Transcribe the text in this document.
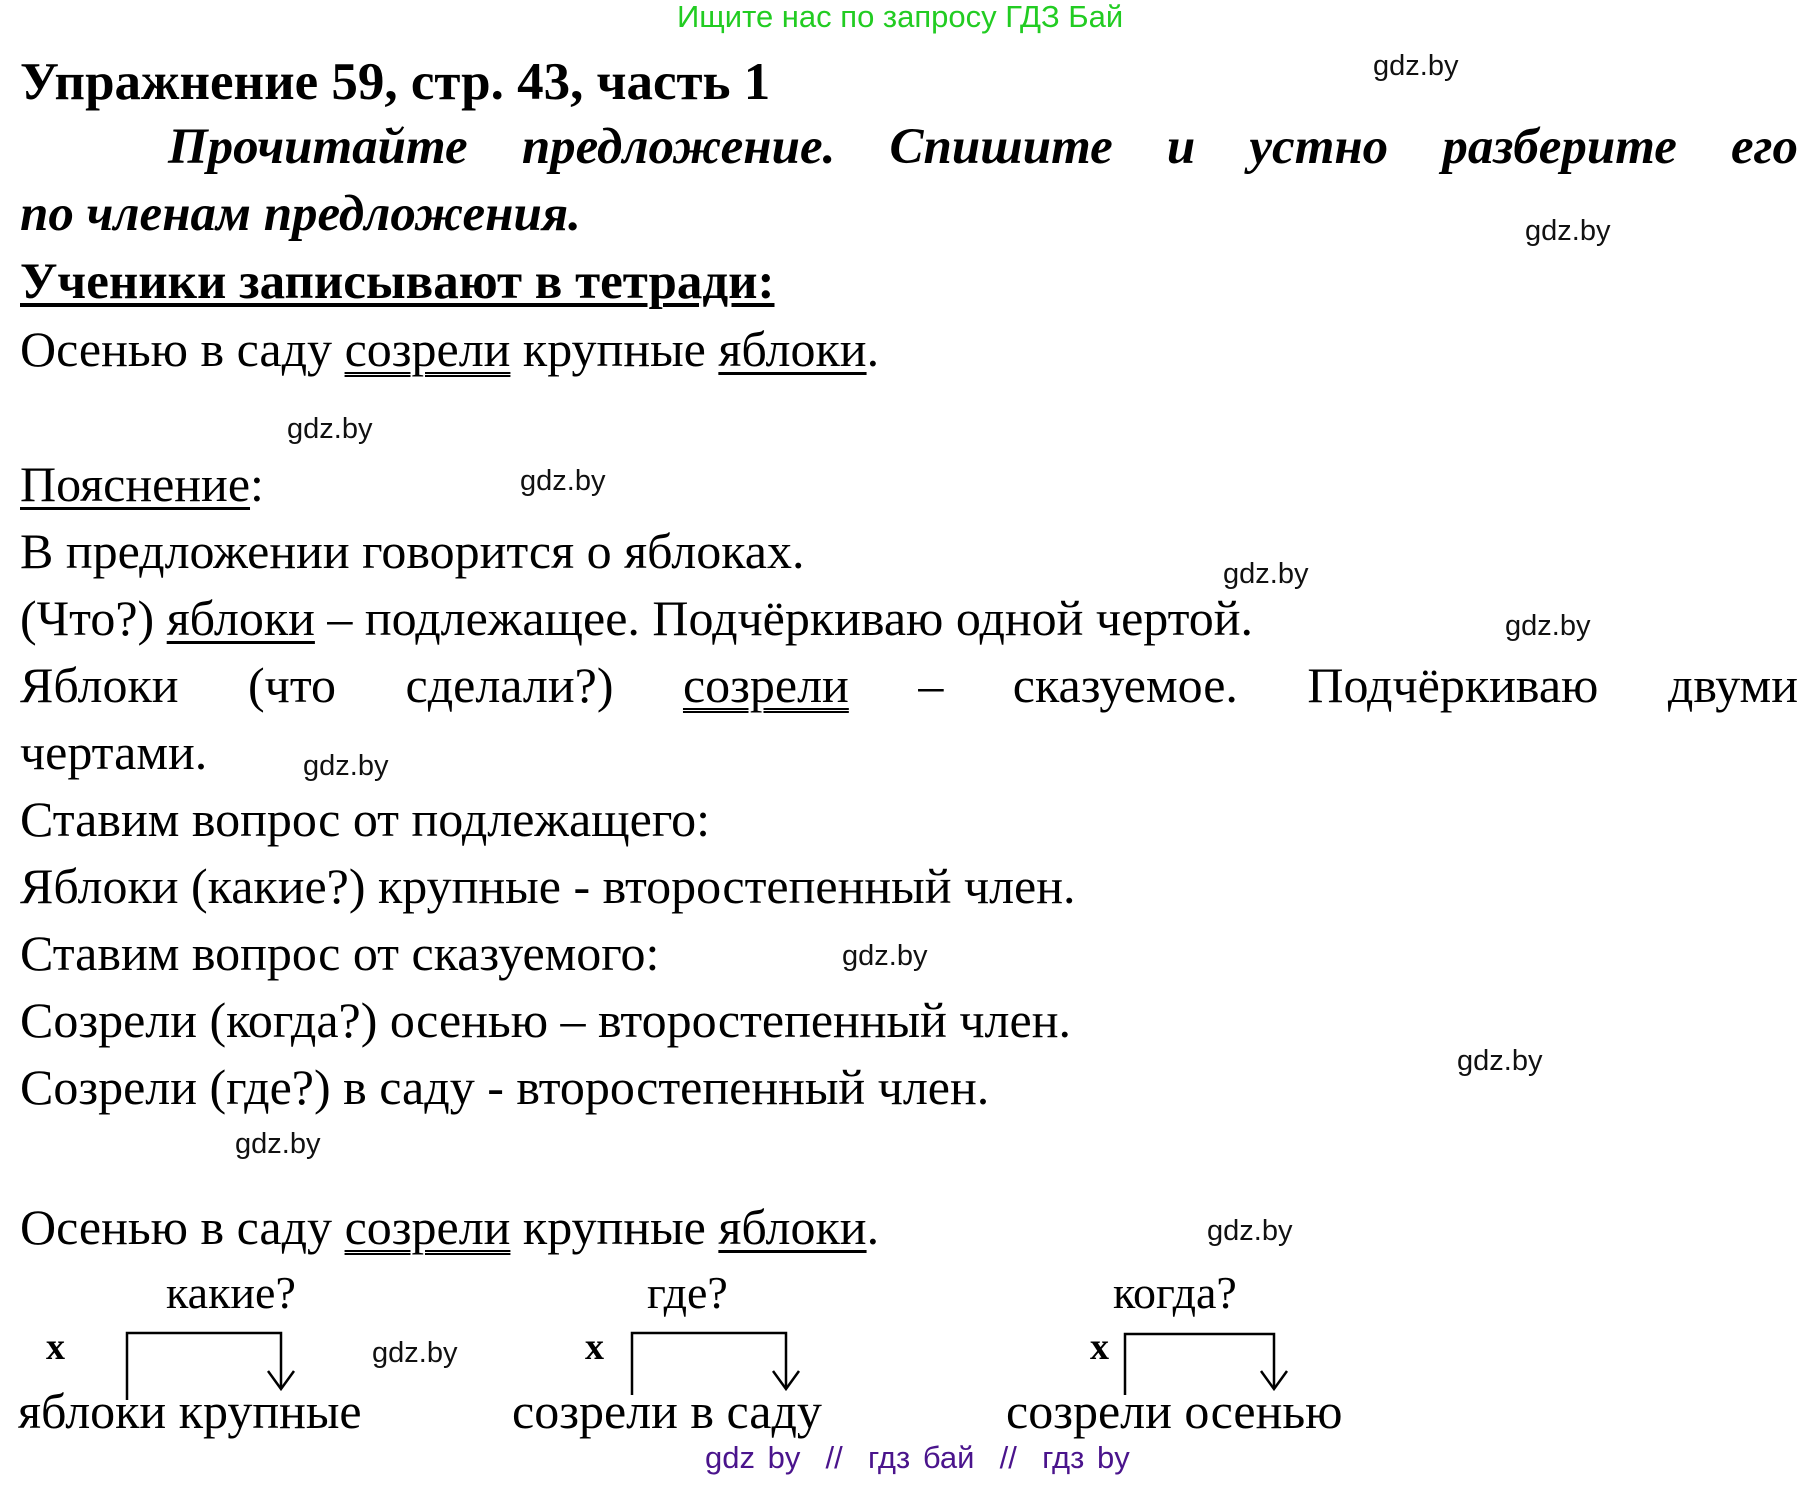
Ищите нас по запросу ГДЗ Бай
Упражнение 59, стр. 43, часть 1	gdz.by
Прочитайте предложение. Спишите и устно разберите его
по членам предложения.	gdz.by
Ученики записывают в тетради:
Осенью в саду созрели крупные яблоки.
gdz.by
Пояснение:	gdz.by
В предложении говорится о яблоках.	gdz.by
(Что?) яблоки – подлежащее. Подчёркиваю одной чертой.	gdz.by
Яблоки (что сделали?) созрели – сказуемое. Подчёркиваю двуми
чертами.	gdz.by
Ставим вопрос от подлежащего:
Яблоки (какие?) крупные - второстепенный член.
Ставим вопрос от сказуемого:	gdz.by
Созрели (когда?) осенью – второстепенный член.
gdz.by
Созрели (где?) в саду - второстепенный член.
gdz.by
Осенью в саду созрели крупные яблоки.	gdz.by
какие?	где?	когда?
x	x	x
gdz.by
яблоки крупные	созрели в саду	созрели осенью
gdz by  //  гдз бай  //  гдз by
